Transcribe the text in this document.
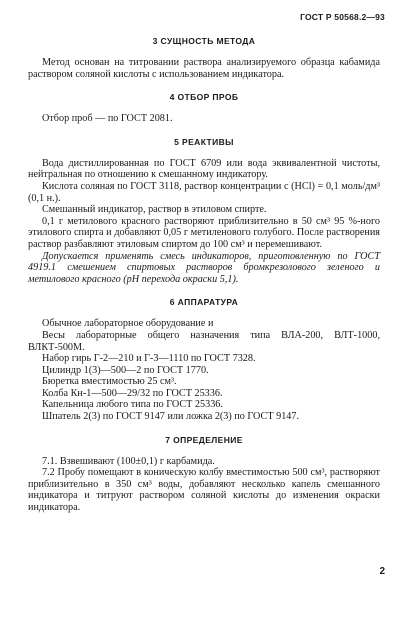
ГОСТ Р 50568.2—93
3 СУЩНОСТЬ МЕТОДА

Метод основан на титровании раствора анализируемого образца кабамида раствором соляной кислоты с использованием индикатора.

4 ОТБОР ПРОБ

Отбор проб — по ГОСТ 2081.

5 РЕАКТИВЫ

Вода дистиллированная по ГОСТ 6709 или вода эквивалентной чистоты, нейтральная по отношению к смешанному индикатору.

Кислота соляная по ГОСТ 3118, раствор концентрации с (НСl) = 0,1 моль/дм³ (0,1 н.).

Смешанный индикатор, раствор в этиловом спирте.

0,1 г метилового красного растворяют приблизительно в 50 см³ 95 %-ного этилового спирта и добавляют 0,05 г метиленового голубого. После растворения раствор разбавляют этиловым спиртом до 100 см³ и перемешивают.

Допускается применять смесь индикаторов, приготовленную по ГОСТ 4919.1 смешением спиртовых растворов бромкрезолового зеленого и метилового красного (рН перехода окраски 5,1).

6 АППАРАТУРА

Обычное лабораторное оборудование и

Весы лабораторные общего назначения типа ВЛА-200, ВЛТ-1000, ВЛКТ-500М.

Набор гирь Г-2—210 и Г-3—1110 по ГОСТ 7328.

Цилиндр 1(3)—500—2 по ГОСТ 1770.

Бюретка вместимостью 25 см³.

Колба Кн-1—500—29/32 по ГОСТ 25336.

Капельница любого типа по ГОСТ 25336.

Шпатель 2(3) по ГОСТ 9147 или ложка 2(3) по ГОСТ 9147.

7 ОПРЕДЕЛЕНИЕ

7.1. Взвешивают (100±0,1) г карбамида.

7.2 Пробу помещают в коническую колбу вместимостью 500 см³, растворяют приблизительно в 350 см³ воды, добавляют несколько капель смешанного индикатора и титруют раствором соляной кислоты до изменения окраски индикатора.

2
